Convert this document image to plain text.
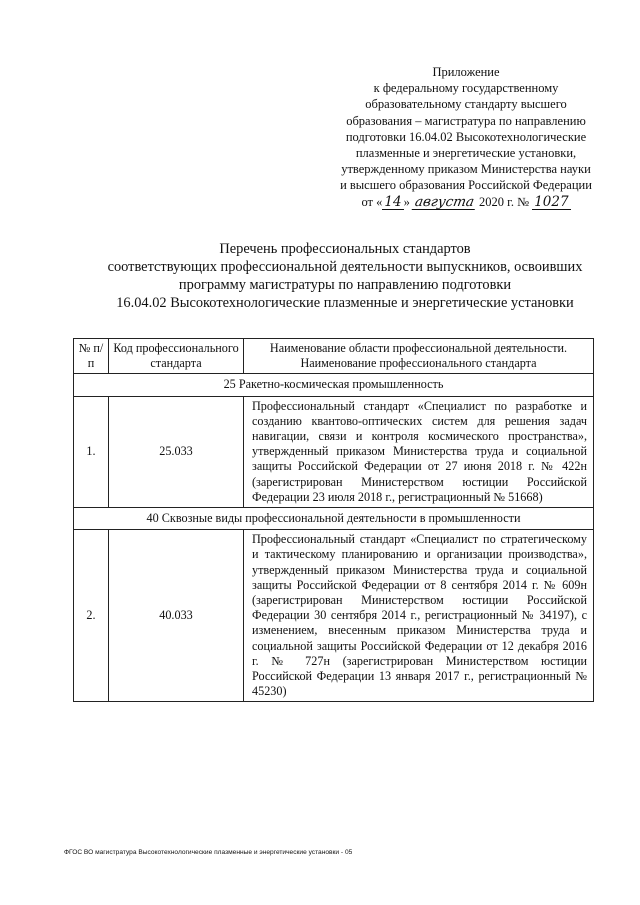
Приложение
к федеральному государственному
образовательному стандарту высшего
образования – магистратура по направлению
подготовки 16.04.02 Высокотехнологические
плазменные и энергетические установки,
утвержденному приказом Министерства науки
и высшего образования Российской Федерации
от « 14 » августа 2020 г. № 1027
Перечень профессиональных стандартов
соответствующих профессиональной деятельности выпускников, освоивших
программу магистратуры по направлению подготовки
16.04.02 Высокотехнологические плазменные и энергетические установки
№ п/п	Код профессионального стандарта	Наименование области профессиональной деятельности. Наименование профессионального стандарта
25 Ракетно-космическая промышленность		
1.	25.033	Профессиональный стандарт «Специалист по разработке и созданию квантово-оптических систем для решения задач навигации, связи и контроля космического пространства», утвержденный приказом Министерства труда и социальной защиты Российской Федерации от 27 июня 2018 г. № 422н (зарегистрирован Министерством юстиции Российской Федерации 23 июля 2018 г., регистрационный № 51668)
40 Сквозные виды профессиональной деятельности в промышленности		
2.	40.033	Профессиональный стандарт «Специалист по стратегическому и тактическому планированию и организации производства», утвержденный приказом Министерства труда и социальной защиты Российской Федерации от 8 сентября 2014 г. № 609н (зарегистрирован Министерством юстиции Российской Федерации 30 сентября 2014 г., регистрационный № 34197), с изменением, внесенным приказом Министерства труда и социальной защиты Российской Федерации от 12 декабря 2016 г. № 727н (зарегистрирован Министерством юстиции Российской Федерации 13 января 2017 г., регистрационный № 45230)
ФГОС ВО магистратура Высокотехнологические плазменные и энергетические установки - 05
